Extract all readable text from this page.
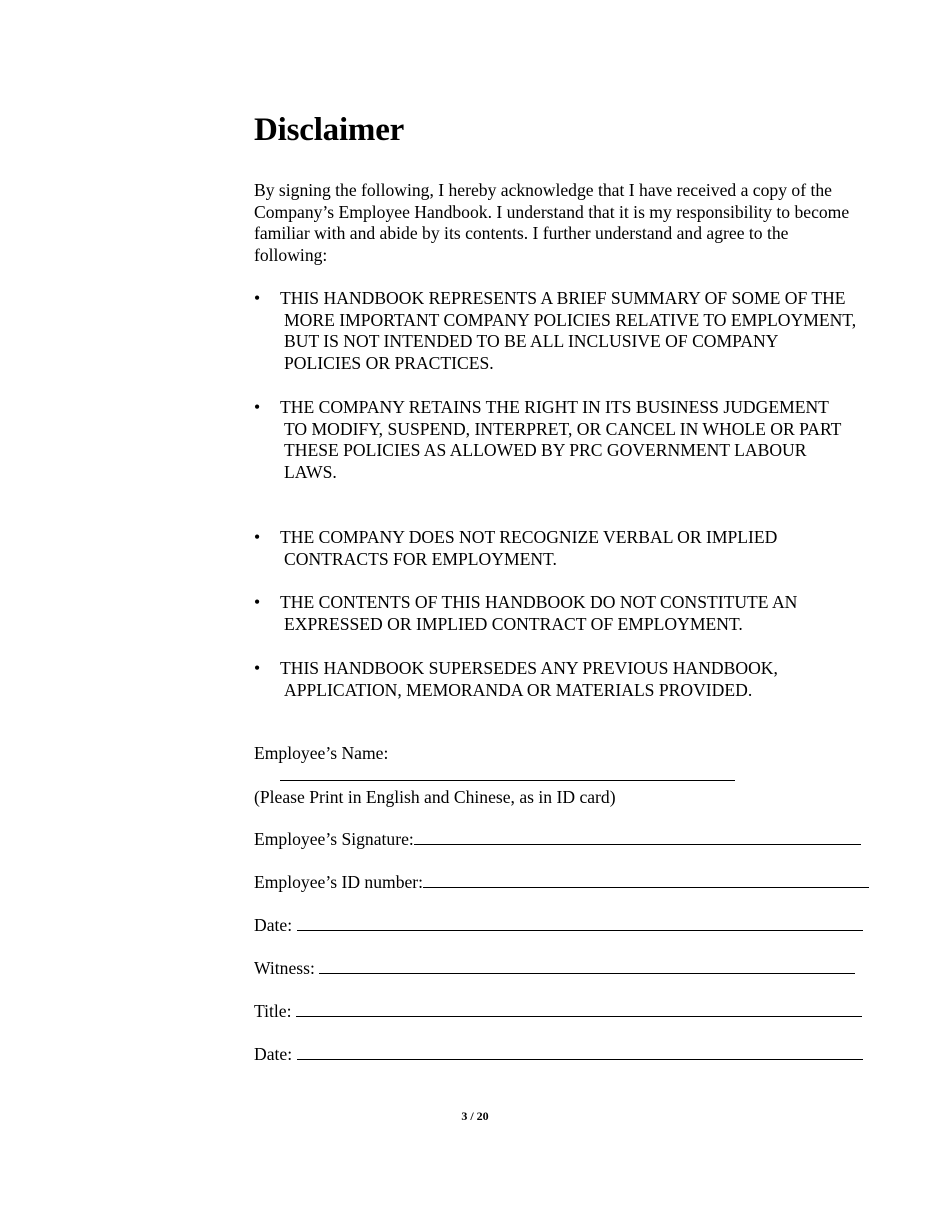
Disclaimer
By signing the following, I hereby acknowledge that I have received a copy of the
Company’s Employee Handbook. I understand that it is my responsibility to become
familiar with and abide by its contents. I further understand and agree to the
following:
•	THIS HANDBOOK REPRESENTS A BRIEF SUMMARY OF SOME OF THE
MORE IMPORTANT COMPANY POLICIES RELATIVE TO EMPLOYMENT,
BUT IS NOT INTENDED TO BE ALL INCLUSIVE OF COMPANY
POLICIES OR PRACTICES.
•	THE COMPANY RETAINS THE RIGHT IN ITS BUSINESS JUDGEMENT
TO MODIFY, SUSPEND, INTERPRET, OR CANCEL IN WHOLE OR PART
THESE POLICIES AS ALLOWED BY PRC GOVERNMENT LABOUR
LAWS.
•	THE COMPANY DOES NOT RECOGNIZE VERBAL OR IMPLIED
CONTRACTS FOR EMPLOYMENT.
•	THE CONTENTS OF THIS HANDBOOK DO NOT CONSTITUTE AN
EXPRESSED OR IMPLIED CONTRACT OF EMPLOYMENT.
•	THIS HANDBOOK SUPERSEDES ANY PREVIOUS HANDBOOK,
APPLICATION, MEMORANDA OR MATERIALS PROVIDED.
Employee’s Name:
(Please Print in English and Chinese, as in ID card)
Employee’s Signature:
Employee’s ID number:
Date:
Witness:
Title:
Date:
3 / 20
